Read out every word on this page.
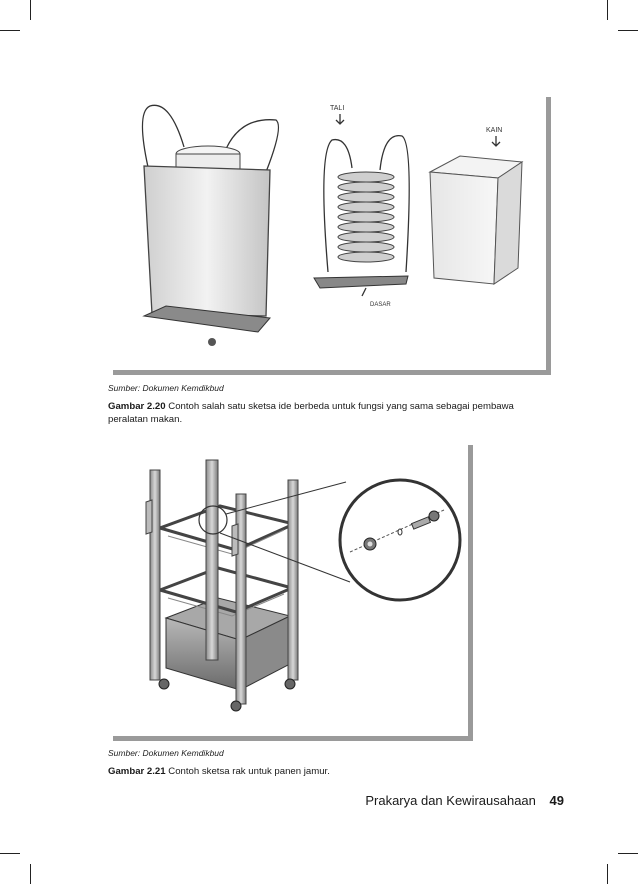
TALI
DASAR
KAIN
Sumber: Dokumen Kemdikbud
Gambar 2.20 Contoh salah satu sketsa ide berbeda untuk fungsi yang sama sebagai pembawa peralatan makan.
Sumber: Dokumen Kemdikbud
Gambar 2.21 Contoh sketsa rak untuk panen jamur.
Prakarya dan Kewirausahaan 49
